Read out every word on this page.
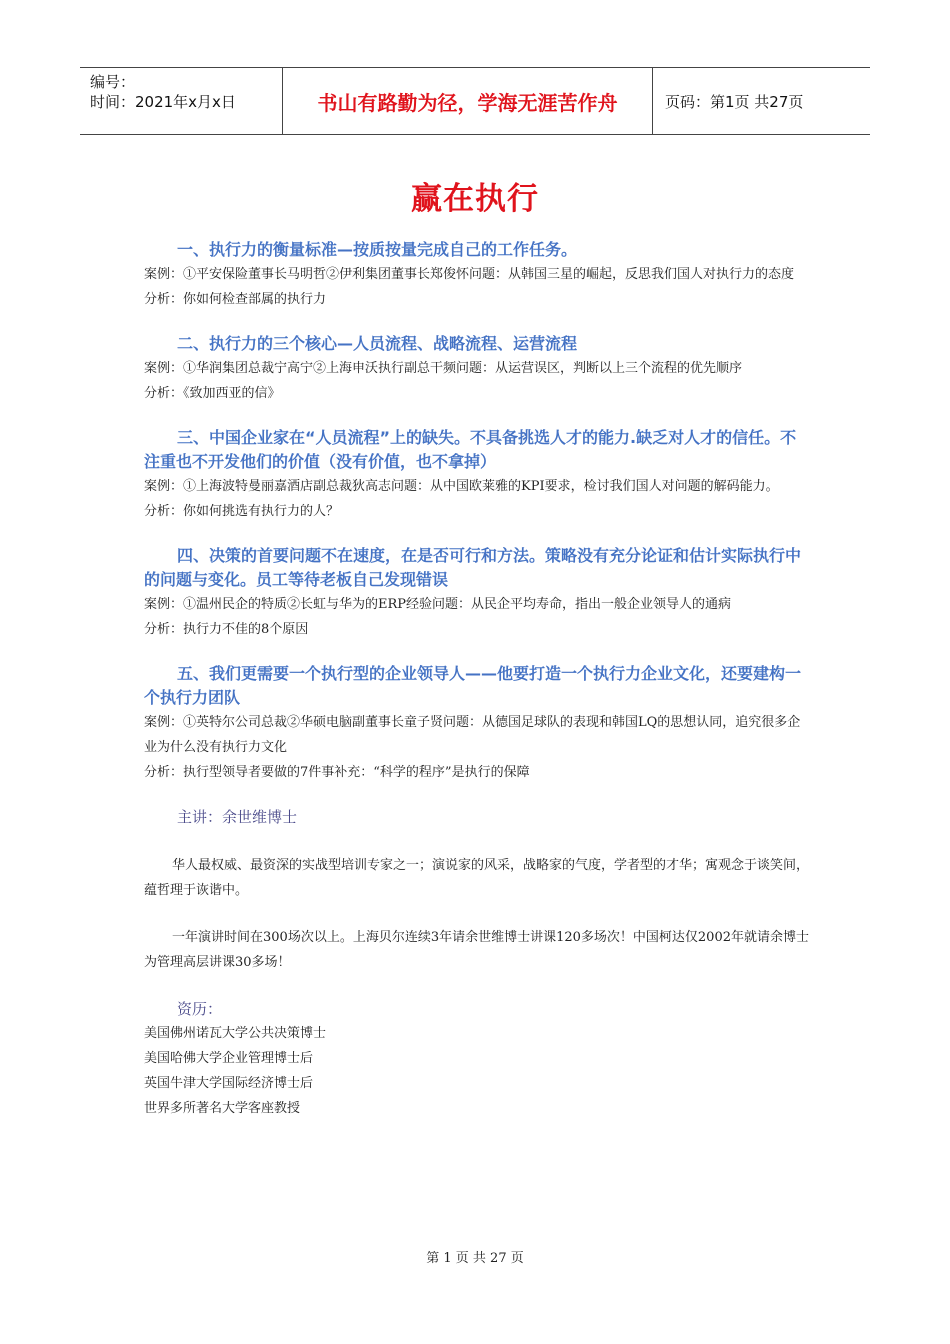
编号：
时间：2021年x月x日	书山有路勤为径，学海无涯苦作舟	页码：第1页 共27页
赢在执行

一、执行力的衡量标准—按质按量完成自己的工作任务。

案例：①平安保险董事长马明哲②伊利集团董事长郑俊怀问题：从韩国三星的崛起，反思我们国人对执行力的态度

分析：你如何检查部属的执行力

二、执行力的三个核心—人员流程、战略流程、运营流程

案例：①华润集团总裁宁高宁②上海申沃执行副总干频问题：从运营误区，判断以上三个流程的优先顺序

分析：《致加西亚的信》

三、中国企业家在“人员流程”上的缺失。不具备挑选人才的能力.缺乏对人才的信任。不注重也不开发他们的价值（没有价值，也不拿掉）

案例：①上海波特曼丽嘉酒店副总裁狄高志问题：从中国欧莱雅的KPI要求，检讨我们国人对问题的解码能力。

分析：你如何挑选有执行力的人？

四、决策的首要问题不在速度，在是否可行和方法。策略没有充分论证和估计实际执行中的问题与变化。员工等待老板自己发现错误

案例：①温州民企的特质②长虹与华为的ERP经验问题：从民企平均寿命，指出一般企业领导人的通病

分析：执行力不佳的8个原因

五、我们更需要一个执行型的企业领导人——他要打造一个执行力企业文化，还要建构一个执行力团队

案例：①英特尔公司总裁②华硕电脑副董事长童子贤问题：从德国足球队的表现和韩国LQ的思想认同，追究很多企业为什么没有执行力文化

分析：执行型领导者要做的7件事补充：“科学的程序”是执行的保障

主讲：余世维博士

华人最权威、最资深的实战型培训专家之一；演说家的风采，战略家的气度，学者型的才华；寓观念于谈笑间，蕴哲理于诙谐中。

一年演讲时间在300场次以上。上海贝尔连续3年请余世维博士讲课120多场次！中国柯达仅2002年就请余博士为管理高层讲课30多场！

资历：

美国佛州诺瓦大学公共决策博士

美国哈佛大学企业管理博士后

英国牛津大学国际经济博士后

世界多所著名大学客座教授

第 1 页 共 27 页
